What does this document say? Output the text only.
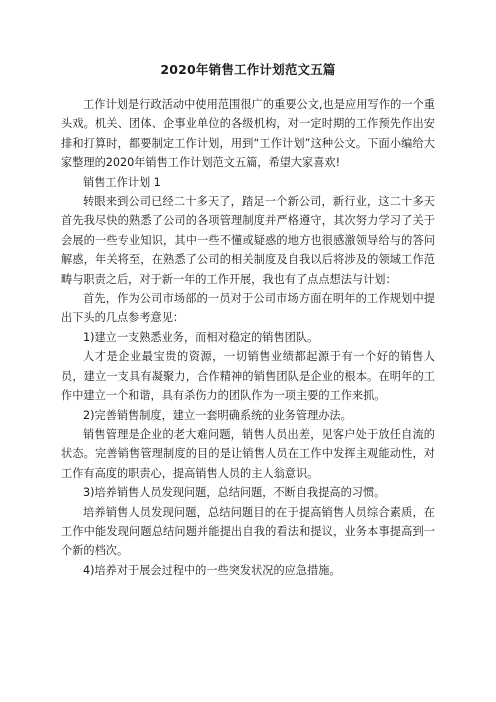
2020年销售工作计划范文五篇

工作计划是行政活动中使用范围很广的重要公文,也是应用写作的一个重头戏。机关、团体、企事业单位的各级机构，对一定时期的工作预先作出安排和打算时，都要制定工作计划，用到“工作计划”这种公文。下面小编给大家整理的2020年销售工作计划范文五篇，希望大家喜欢!

销售工作计划 1

转眼来到公司已经二十多天了，踏足一个新公司，新行业，这二十多天首先我尽快的熟悉了公司的各项管理制度并严格遵守，其次努力学习了关于会展的一些专业知识，其中一些不懂或疑惑的地方也很感激领导给与的答问解惑，年关将至，在熟悉了公司的相关制度及自我以后将涉及的领域工作范畴与职责之后，对于新一年的工作开展，我也有了点点想法与计划：

首先，作为公司市场部的一员对于公司市场方面在明年的工作规划中提出下头的几点参考意见：

1)建立一支熟悉业务，而相对稳定的销售团队。

人才是企业最宝贵的资源，一切销售业绩都起源于有一个好的销售人员，建立一支具有凝聚力，合作精神的销售团队是企业的根本。在明年的工作中建立一个和谐，具有杀伤力的团队作为一项主要的工作来抓。

2)完善销售制度，建立一套明确系统的业务管理办法。

销售管理是企业的老大难问题，销售人员出差，见客户处于放任自流的状态。完善销售管理制度的目的是让销售人员在工作中发挥主观能动性，对工作有高度的职责心，提高销售人员的主人翁意识。

3)培养销售人员发现问题，总结问题，不断自我提高的习惯。

培养销售人员发现问题，总结问题目的在于提高销售人员综合素质，在工作中能发现问题总结问题并能提出自我的看法和提议，业务本事提高到一个新的档次。

4)培养对于展会过程中的一些突发状况的应急措施。
